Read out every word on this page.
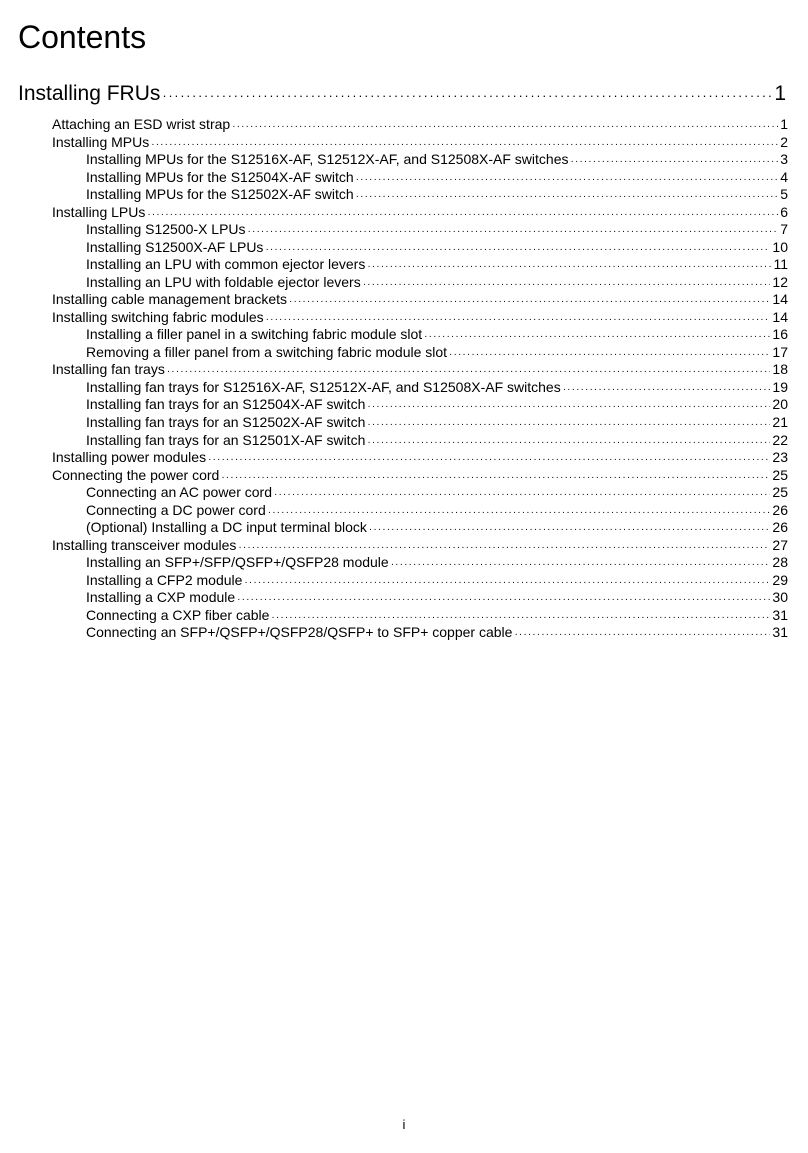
Contents
Installing FRUs ·····	1
Attaching an ESD wrist strap ·····	1
Installing MPUs ·····	2
Installing MPUs for the S12516X-AF, S12512X-AF, and S12508X-AF switches ·····	3
Installing MPUs for the S12504X-AF switch ·····	4
Installing MPUs for the S12502X-AF switch ·····	5
Installing LPUs ·····	6
Installing S12500-X LPUs ·····	7
Installing S12500X-AF LPUs ·····	10
Installing an LPU with common ejector levers ·····	11
Installing an LPU with foldable ejector levers ·····	12
Installing cable management brackets ·····	14
Installing switching fabric modules ·····	14
Installing a filler panel in a switching fabric module slot ·····	16
Removing a filler panel from a switching fabric module slot ·····	17
Installing fan trays ·····	18
Installing fan trays for S12516X-AF, S12512X-AF, and S12508X-AF switches ·····	19
Installing fan trays for an S12504X-AF switch ·····	20
Installing fan trays for an S12502X-AF switch ·····	21
Installing fan trays for an S12501X-AF switch ·····	22
Installing power modules ·····	23
Connecting the power cord ·····	25
Connecting an AC power cord ·····	25
Connecting a DC power cord ·····	26
(Optional) Installing a DC input terminal block ·····	26
Installing transceiver modules ·····	27
Installing an SFP+/SFP/QSFP+/QSFP28 module ·····	28
Installing a CFP2 module ·····	29
Installing a CXP module ·····	30
Connecting a CXP fiber cable ·····	31
Connecting an SFP+/QSFP+/QSFP28/QSFP+ to SFP+ copper cable ·····	31
i
